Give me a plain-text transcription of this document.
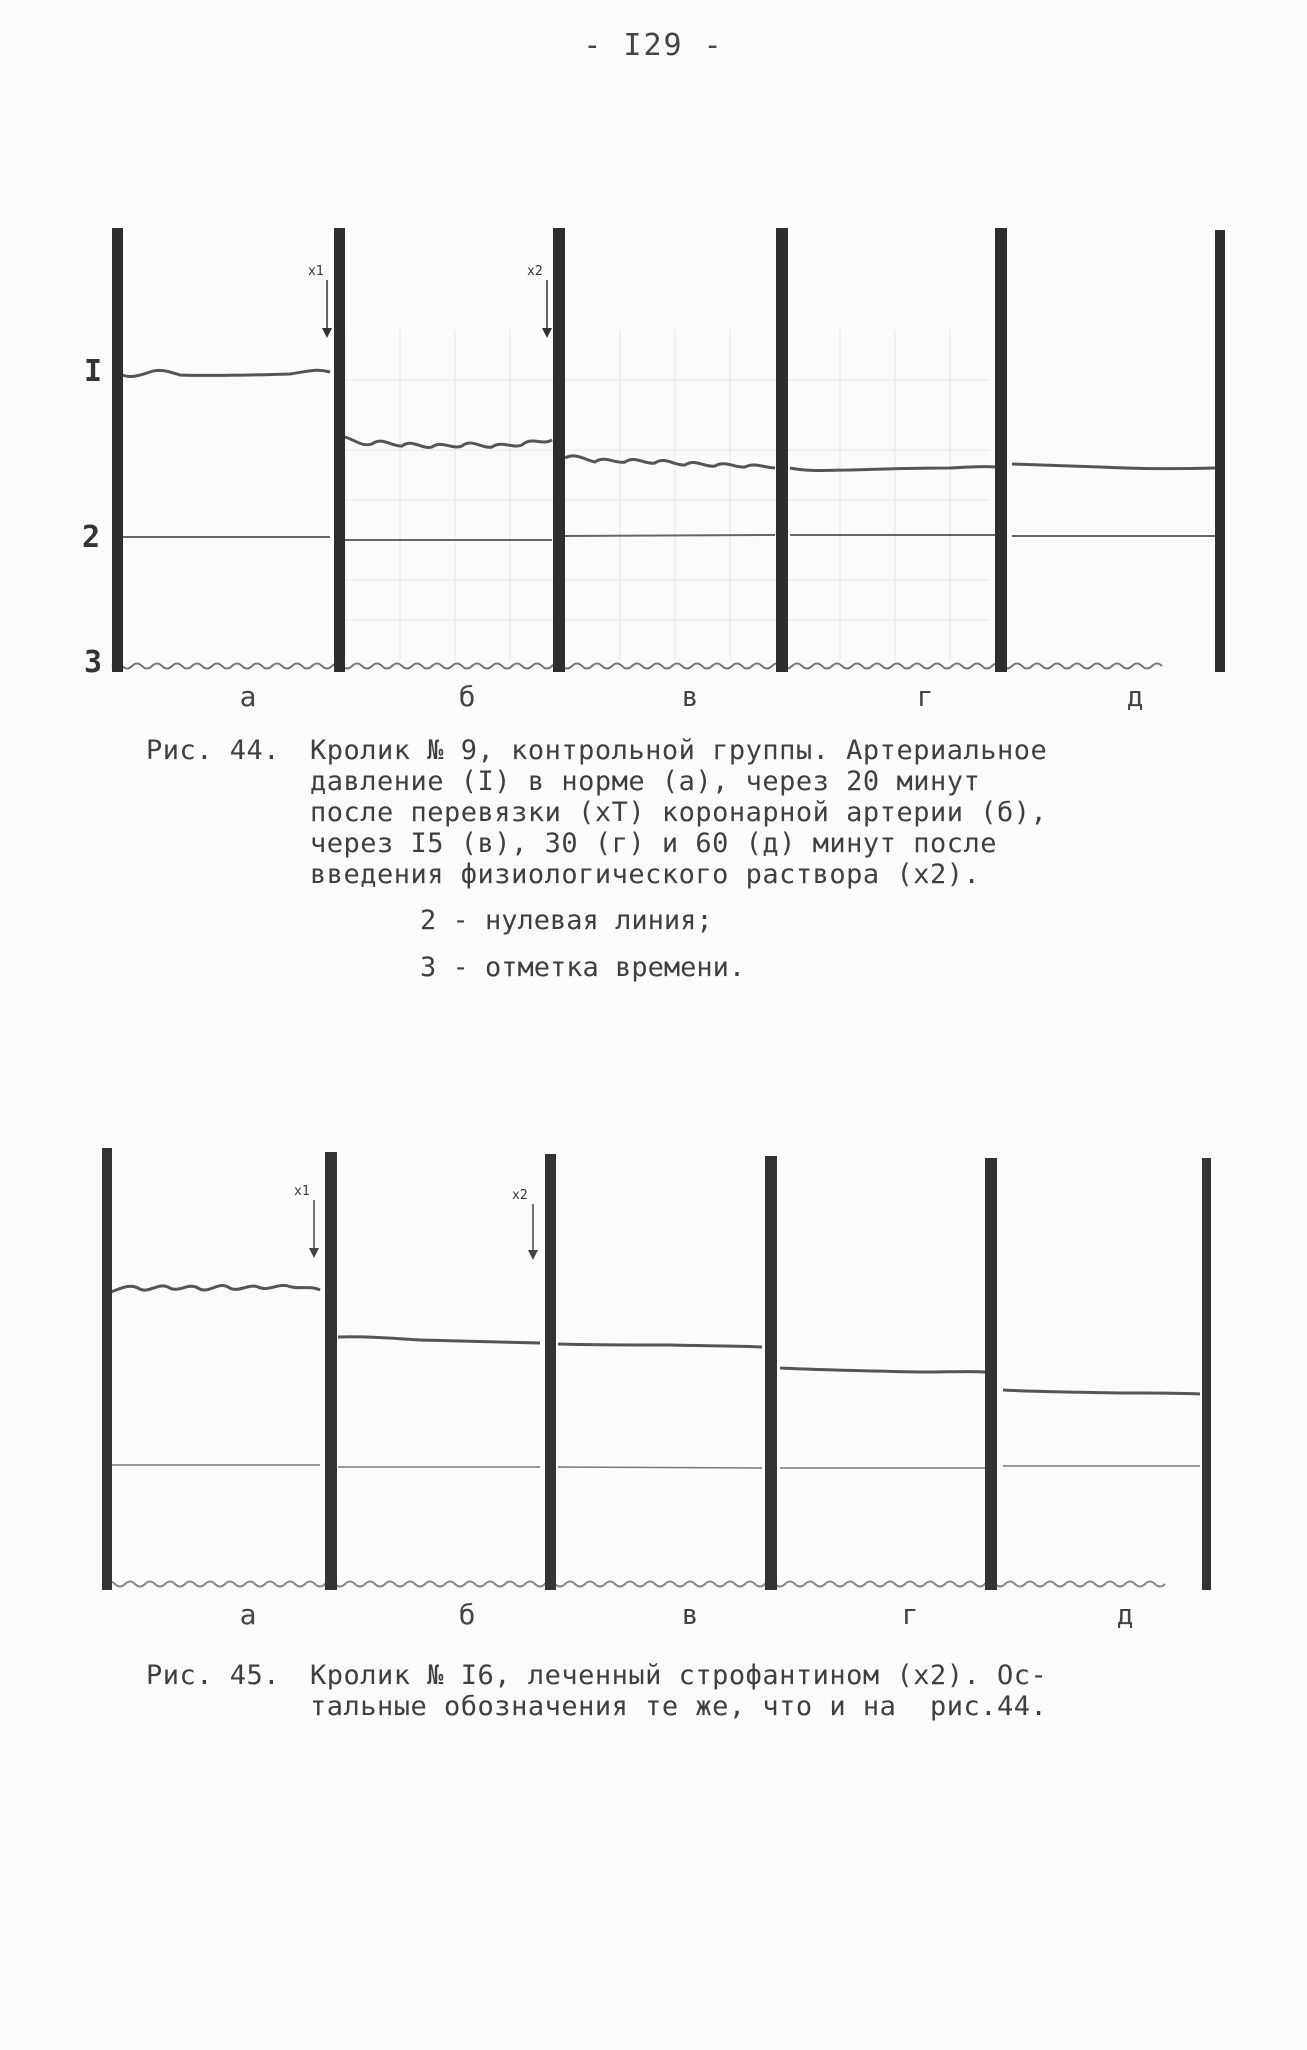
- I29 -
x1	x2
I
2
3
а	б	в	г	д
Рис. 44. Кролик № 9, контрольной группы. Артериальное
давление (I) в норме (а), через 20 минут
после перевязки (xT) коронарной артерии (б),
через I5 (в), 30 (г) и 60 (д) минут после
введения физиологического раствора (x2).
2 - нулевая линия;
3 - отметка времени.
x1	x2
а	б	в	г	д
Рис. 45. Кролик № I6, леченный строфантином (x2). Ос-
тальные обозначения те же, что и на  рис.44.
